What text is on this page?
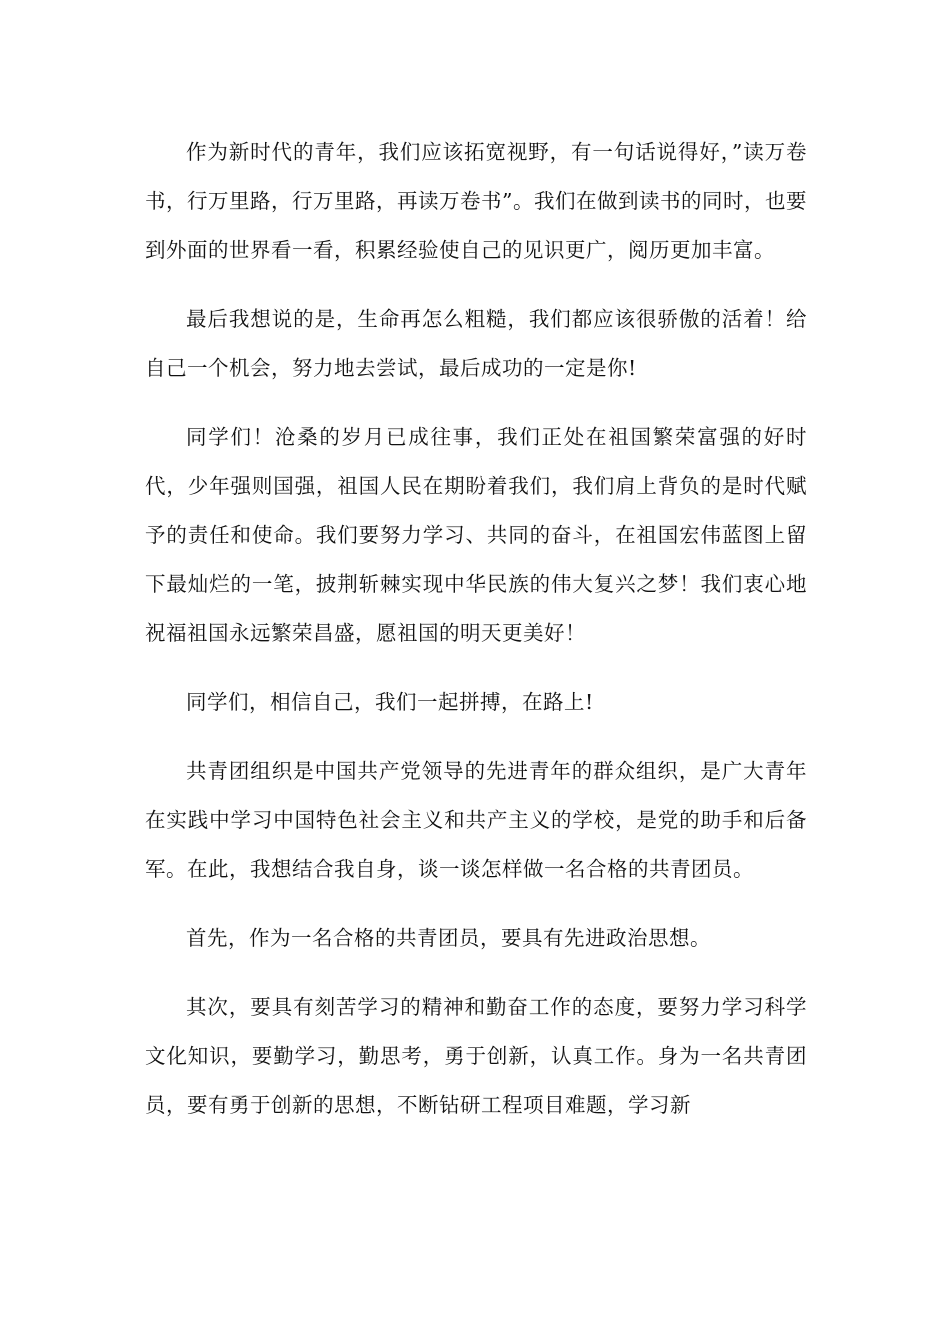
作为新时代的青年，我们应该拓宽视野，有一句话说得好，”读万卷书，行万里路，行万里路，再读万卷书”。我们在做到读书的同时，也要到外面的世界看一看，积累经验使自己的见识更广，阅历更加丰富。

最后我想说的是，生命再怎么粗糙，我们都应该很骄傲的活着！给自己一个机会，努力地去尝试，最后成功的一定是你!

同学们！沧桑的岁月已成往事，我们正处在祖国繁荣富强的好时代，少年强则国强，祖国人民在期盼着我们，我们肩上背负的是时代赋予的责任和使命。我们要努力学习、共同的奋斗，在祖国宏伟蓝图上留下最灿烂的一笔，披荆斩棘实现中华民族的伟大复兴之梦！我们衷心地祝福祖国永远繁荣昌盛，愿祖国的明天更美好！

同学们，相信自己，我们一起拼搏，在路上!

共青团组织是中国共产党领导的先进青年的群众组织，是广大青年在实践中学习中国特色社会主义和共产主义的学校，是党的助手和后备军。在此，我想结合我自身，谈一谈怎样做一名合格的共青团员。

首先，作为一名合格的共青团员，要具有先进政治思想。

其次，要具有刻苦学习的精神和勤奋工作的态度，要努力学习科学文化知识，要勤学习，勤思考，勇于创新，认真工作。身为一名共青团员，要有勇于创新的思想，不断钻研工程项目难题，学习新
